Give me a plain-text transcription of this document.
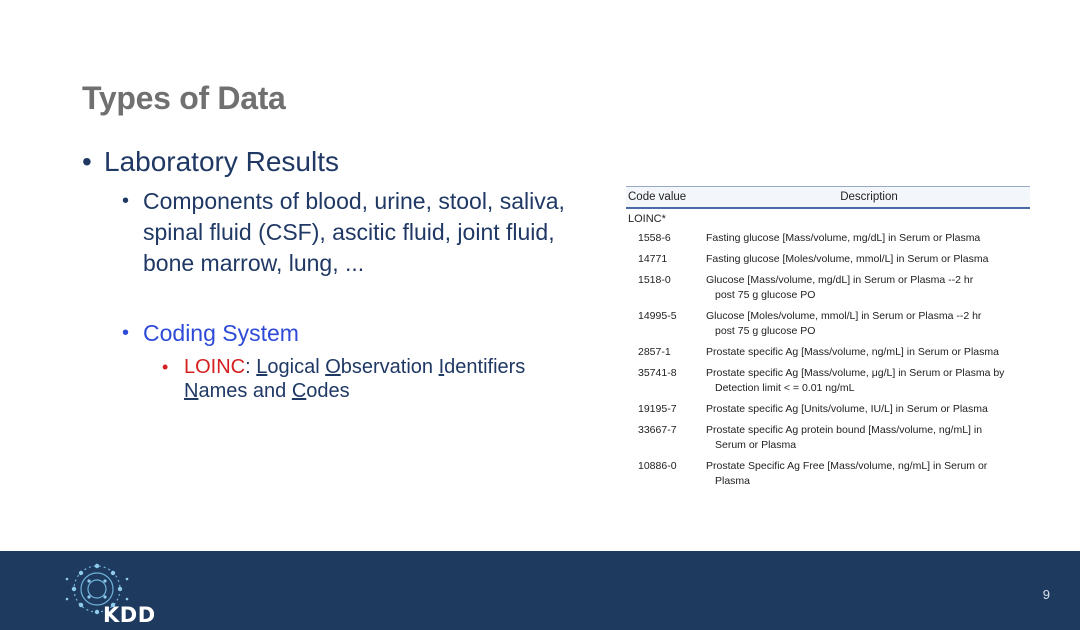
Types of Data
• Laboratory Results
• Components of blood, urine, stool, saliva, spinal fluid (CSF), ascitic fluid, joint fluid, bone marrow, lung, ...
• Coding System
• LOINC: Logical Observation Identifiers
Names and Codes
Code value	Description
LOINC*
1558-6	Fasting glucose [Mass/volume, mg/dL] in Serum or Plasma
14771	Fasting glucose [Moles/volume, mmol/L] in Serum or Plasma
1518-0	Glucose [Mass/volume, mg/dL] in Serum or Plasma --2 hr
post 75 g glucose PO
14995-5	Glucose [Moles/volume, mmol/L] in Serum or Plasma --2 hr
post 75 g glucose PO
2857-1	Prostate specific Ag [Mass/volume, ng/mL] in Serum or Plasma
35741-8	Prostate specific Ag [Mass/volume, μg/L] in Serum or Plasma by
Detection limit < = 0.01 ng/mL
19195-7	Prostate specific Ag [Units/volume, IU/L] in Serum or Plasma
33667-7	Prostate specific Ag protein bound [Mass/volume, ng/mL] in
Serum or Plasma
10886-0	Prostate Specific Ag Free [Mass/volume, ng/mL] in Serum or
Plasma
KDD
9
